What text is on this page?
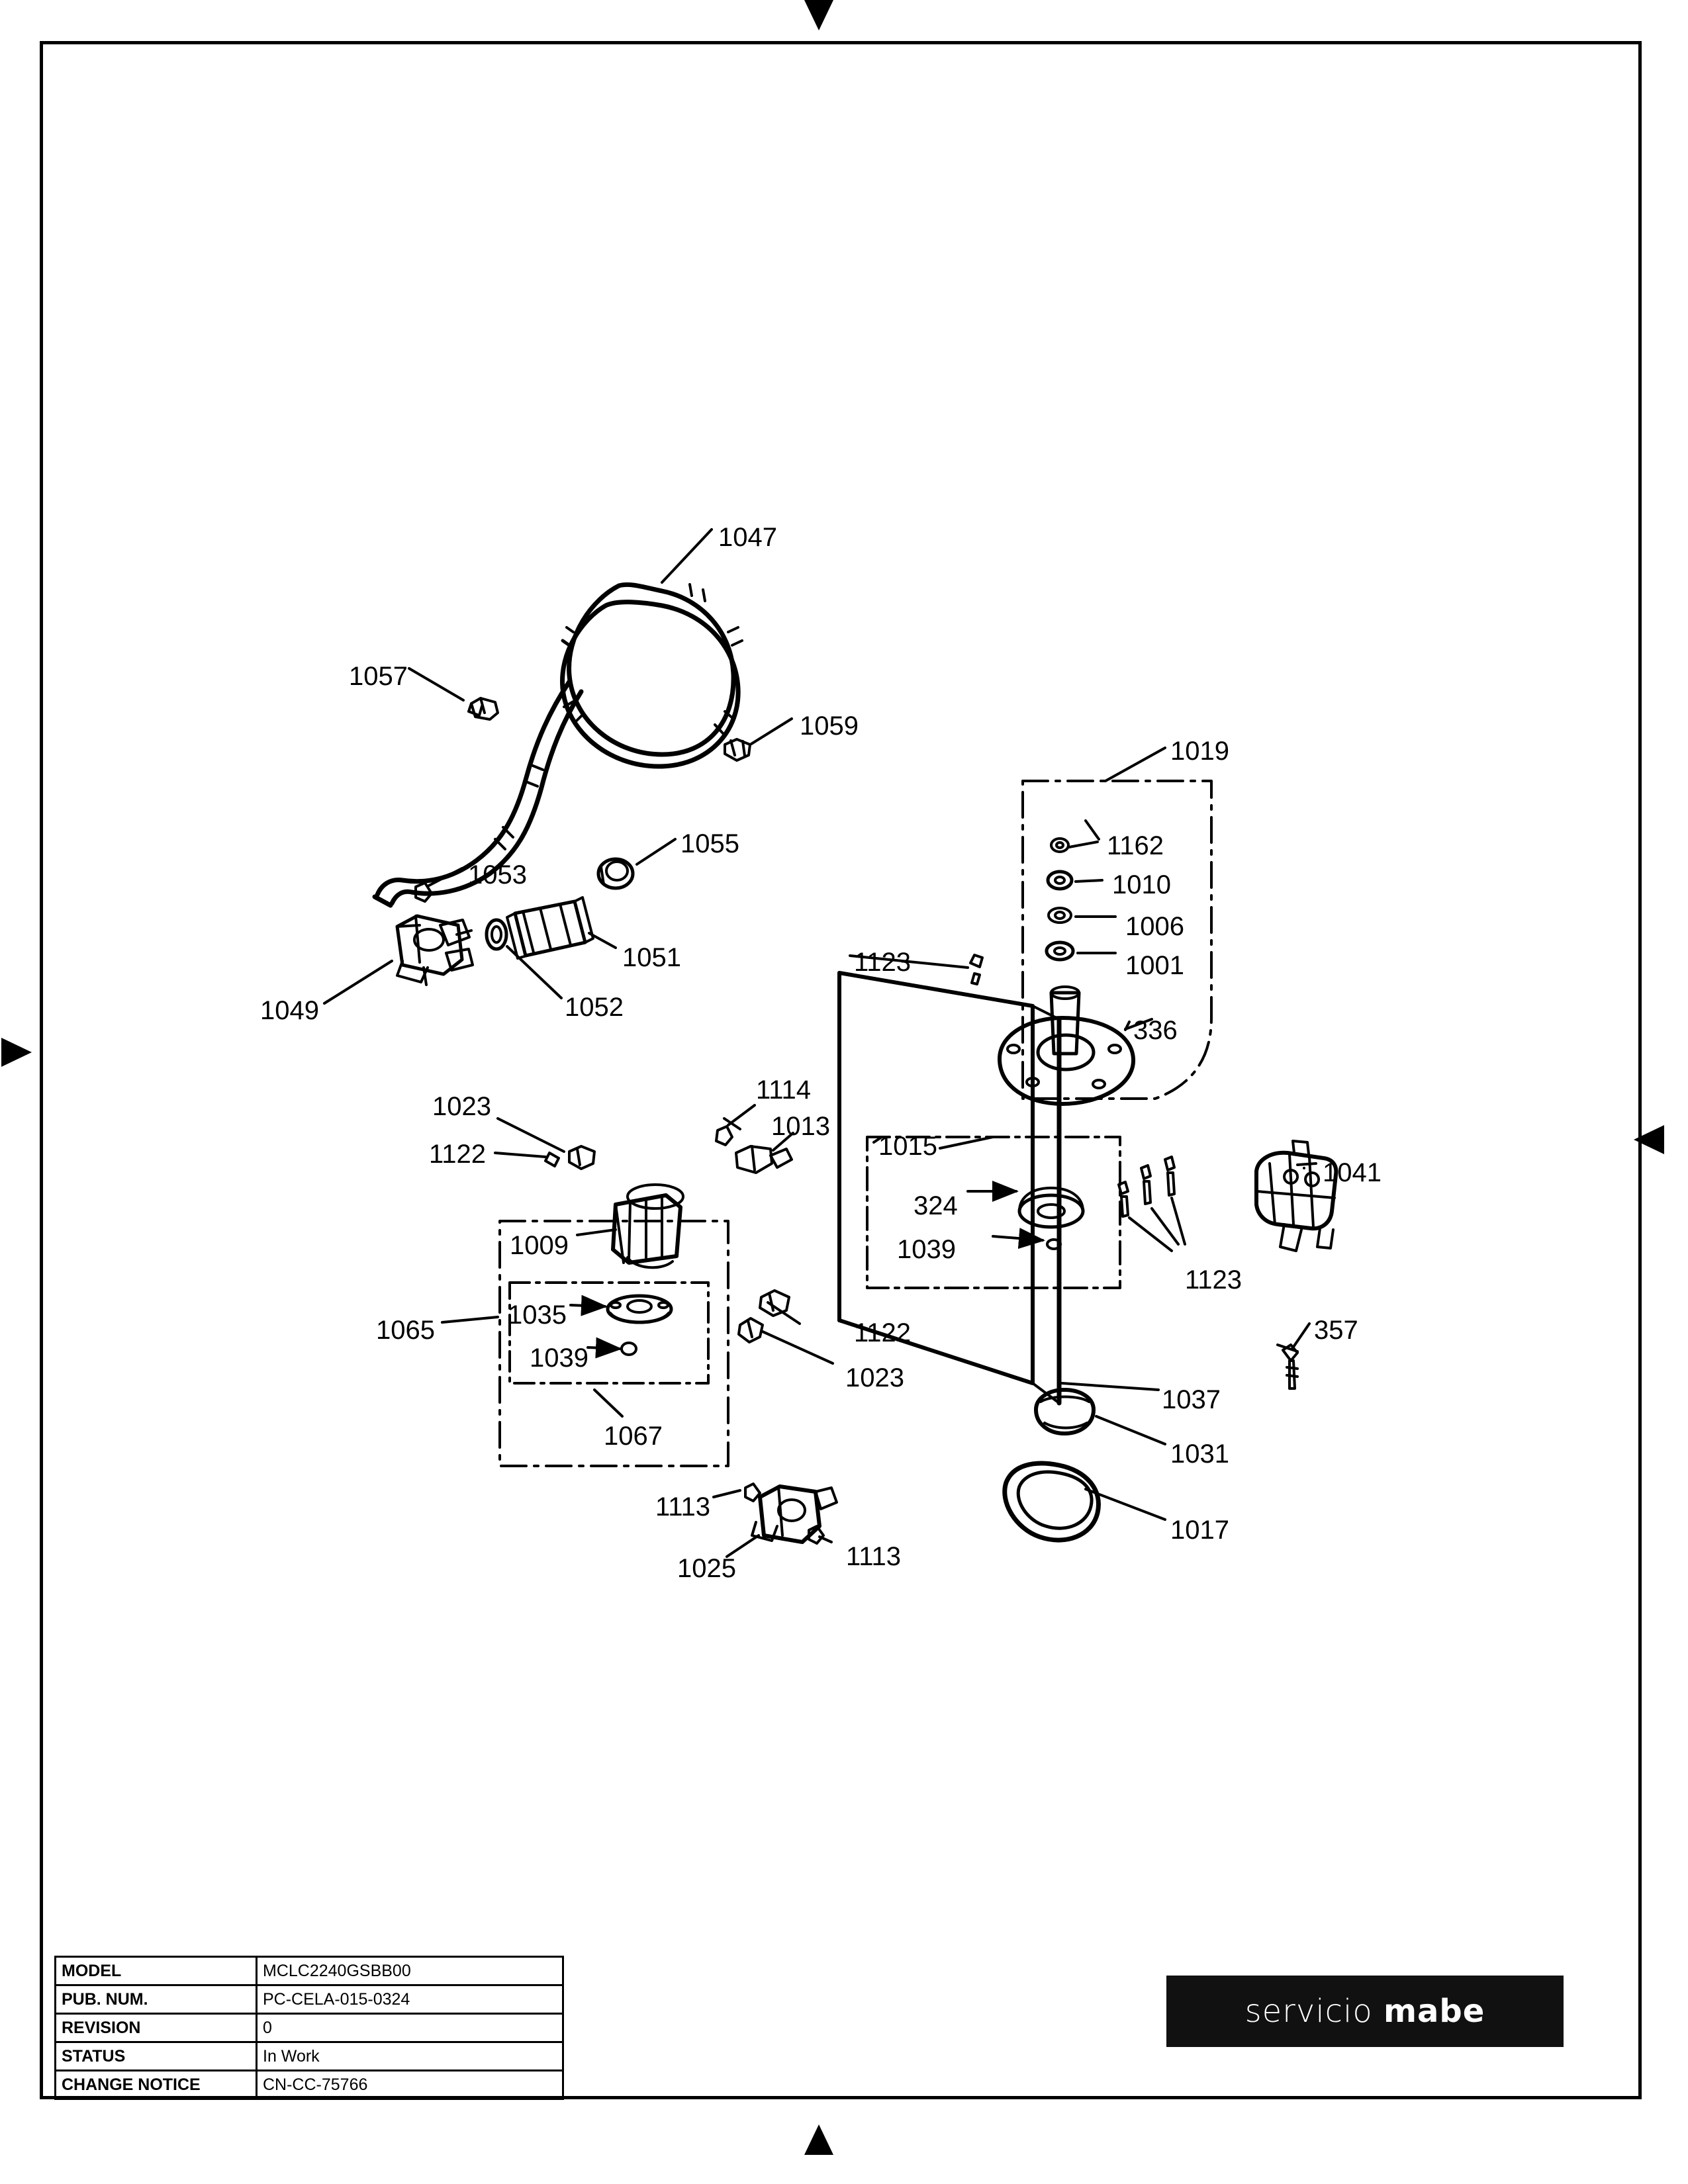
1047
1057
1059
1055
1053
1051
1052
1049
1019
1162
1010
1006
1001
1123
336
1114
1023
1013
1122	1015
1041
324
1009	1039
1123
1035
1065	1122	357
1039
1023
1037
1067
1031
1113
1017
1113
1025
MODEL	MCLC2240GSBB00
PUB. NUM.	PC-CELA-015-0324
REVISION	0
STATUS	In Work
CHANGE NOTICE	CN-CC-75766
servicio mabe
